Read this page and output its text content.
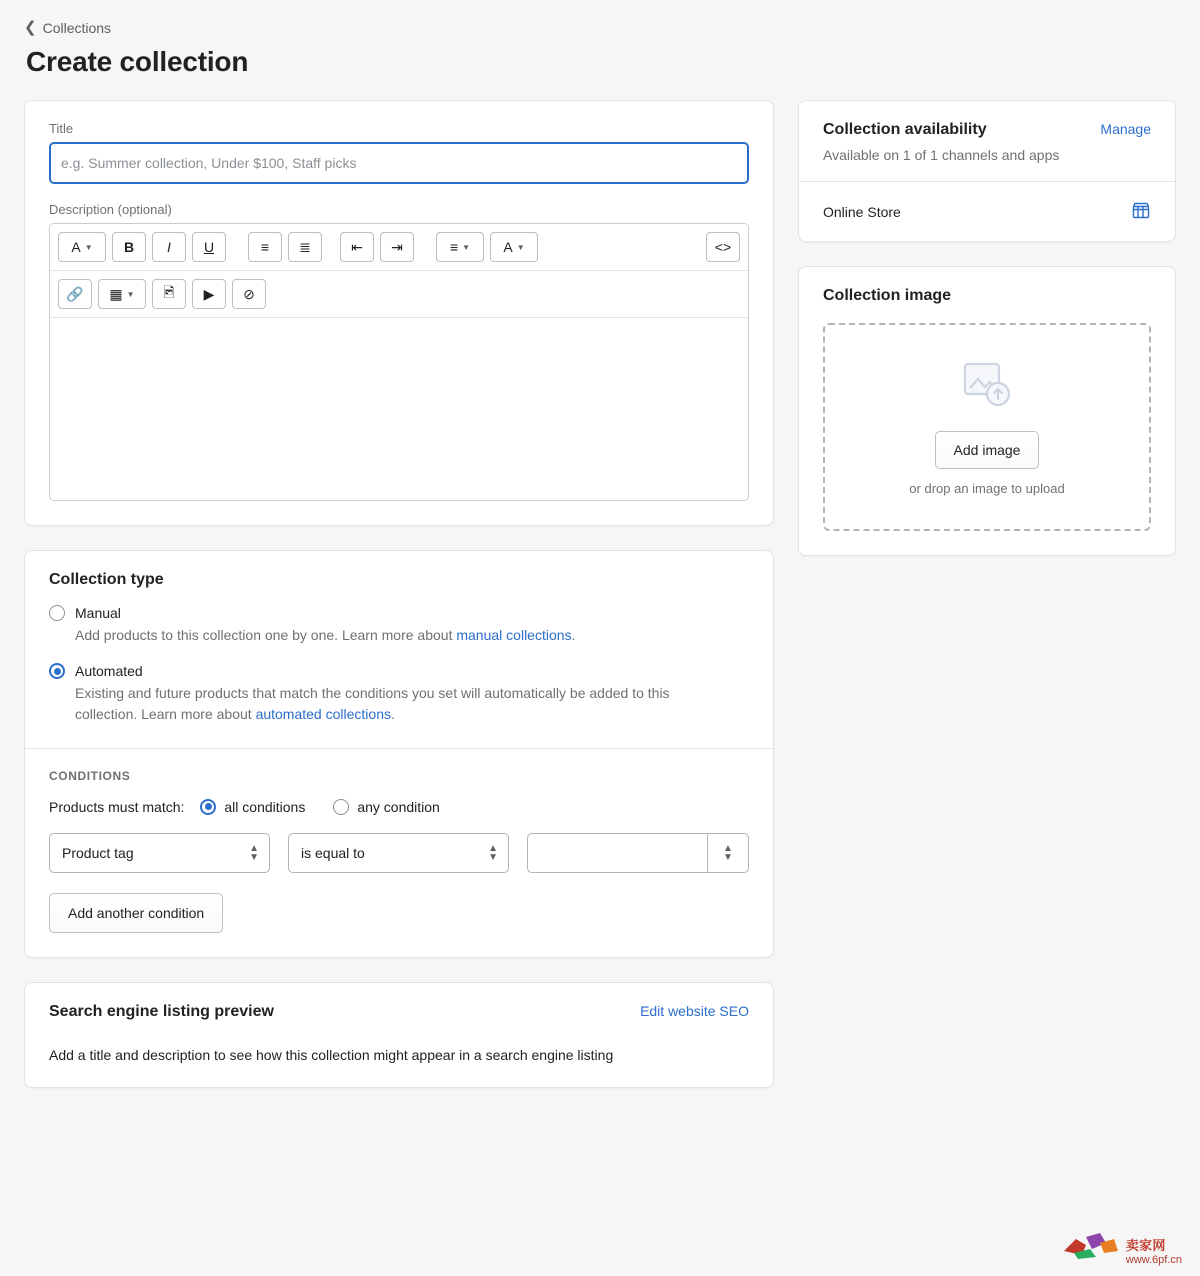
❮ Collections
Create collection
Title
e.g. Summer collection, Under $100, Staff picks
Description (optional)
A ▼ B I U	≡ ≣	⇤ ⇥	≡ ▼ A ▼	<>
🔗 ▦ ▼ 🖻 ▶ ⊘
Collection type
Manual
Add products to this collection one by one. Learn more about manual collections.
Automated
Existing and future products that match the conditions you set will automatically be added to this collection. Learn more about automated collections.
CONDITIONS
Products must match:	all conditions	any condition
Product tag	▲
▼	is equal to	▲
▼
▲
▼
Add another condition
Search engine listing preview	Edit website SEO
Add a title and description to see how this collection might appear in a search engine listing
Collection availability	Manage

Available on 1 of 1 channels and apps

Online Store
Collection image
Add image
or drop an image to upload
卖家网
www.6pf.cn
